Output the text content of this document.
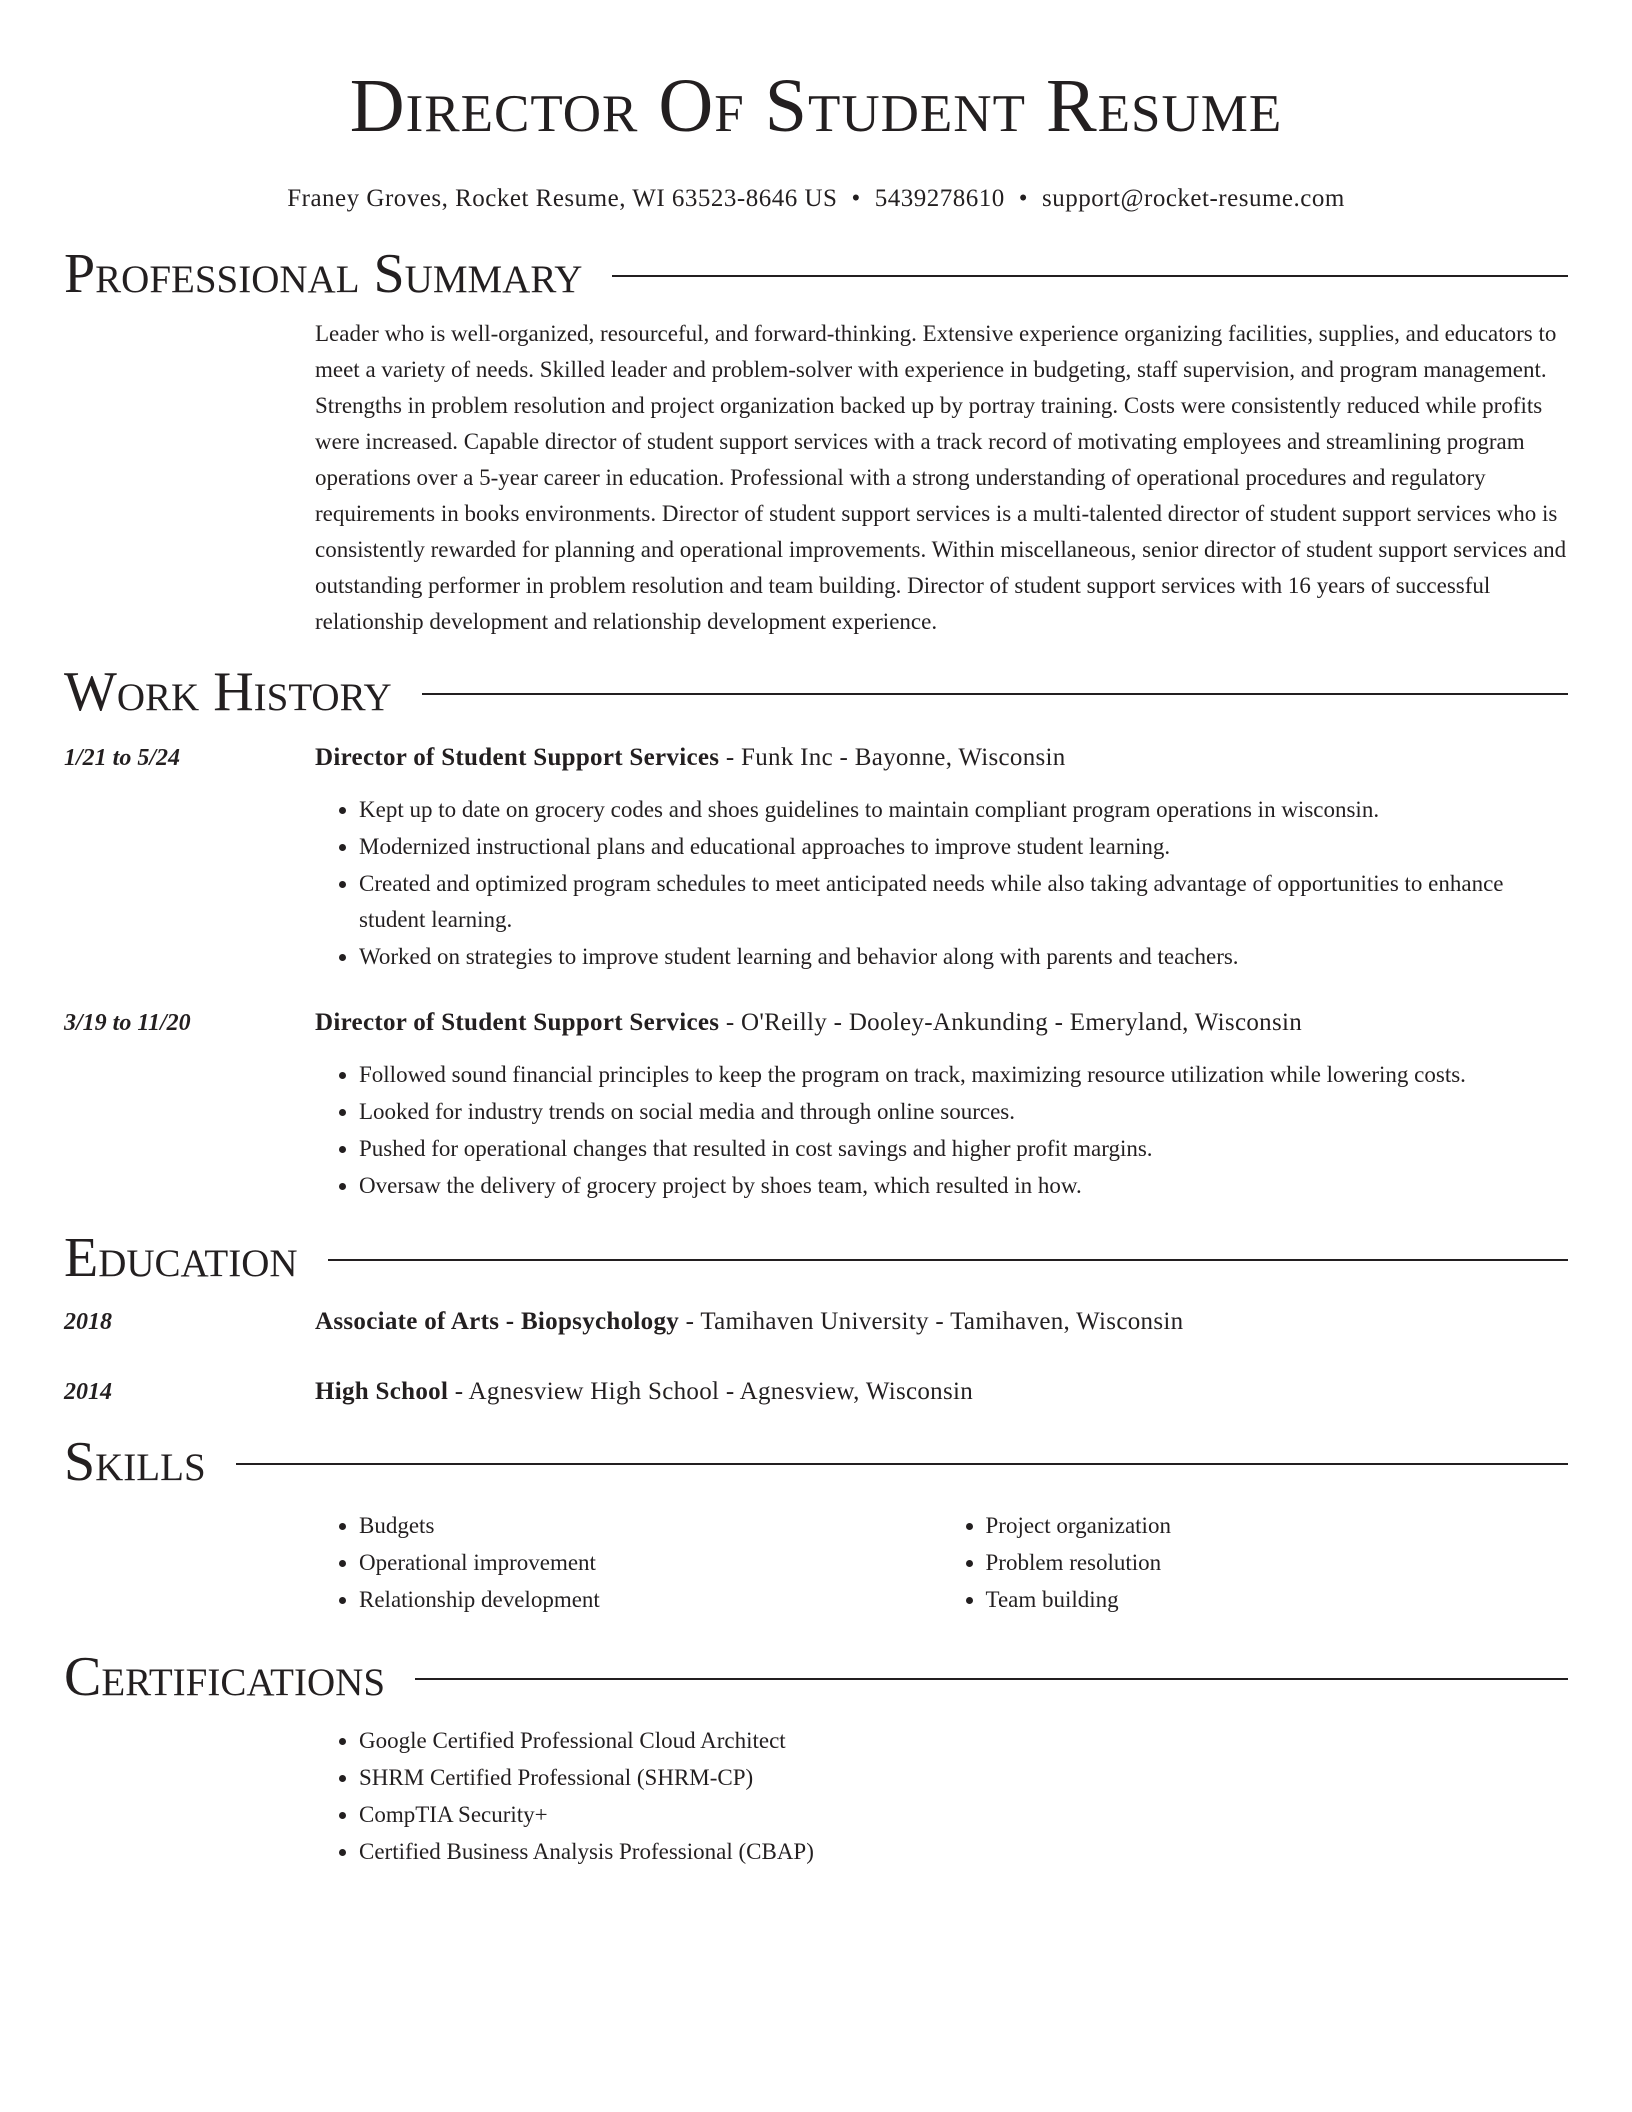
Director Of Student Resume
Franey Groves, Rocket Resume, WI 63523-8646 US • 5439278610 • support@rocket-resume.com
Professional Summary
Leader who is well-organized, resourceful, and forward-thinking. Extensive experience organizing facilities, supplies, and educators to meet a variety of needs. Skilled leader and problem-solver with experience in budgeting, staff supervision, and program management. Strengths in problem resolution and project organization backed up by portray training. Costs were consistently reduced while profits were increased. Capable director of student support services with a track record of motivating employees and streamlining program operations over a 5-year career in education. Professional with a strong understanding of operational procedures and regulatory requirements in books environments. Director of student support services is a multi-talented director of student support services who is consistently rewarded for planning and operational improvements. Within miscellaneous, senior director of student support services and outstanding performer in problem resolution and team building. Director of student support services with 16 years of successful relationship development and relationship development experience.
Work History
1/21 to 5/24	Director of Student Support Services - Funk Inc - Bayonne, Wisconsin
• Kept up to date on grocery codes and shoes guidelines to maintain compliant program operations in wisconsin.
• Modernized instructional plans and educational approaches to improve student learning.
• Created and optimized program schedules to meet anticipated needs while also taking advantage of opportunities to enhance student learning.
• Worked on strategies to improve student learning and behavior along with parents and teachers.
3/19 to 11/20	Director of Student Support Services - O'Reilly - Dooley-Ankunding - Emeryland, Wisconsin
• Followed sound financial principles to keep the program on track, maximizing resource utilization while lowering costs.
• Looked for industry trends on social media and through online sources.
• Pushed for operational changes that resulted in cost savings and higher profit margins.
• Oversaw the delivery of grocery project by shoes team, which resulted in how.
Education
2018	Associate of Arts - Biopsychology - Tamihaven University - Tamihaven, Wisconsin
2014	High School - Agnesview High School - Agnesview, Wisconsin
Skills
• Budgets
• Operational improvement
• Relationship development
• Project organization
• Problem resolution
• Team building
Certifications
• Google Certified Professional Cloud Architect
• SHRM Certified Professional (SHRM-CP)
• CompTIA Security+
• Certified Business Analysis Professional (CBAP)
